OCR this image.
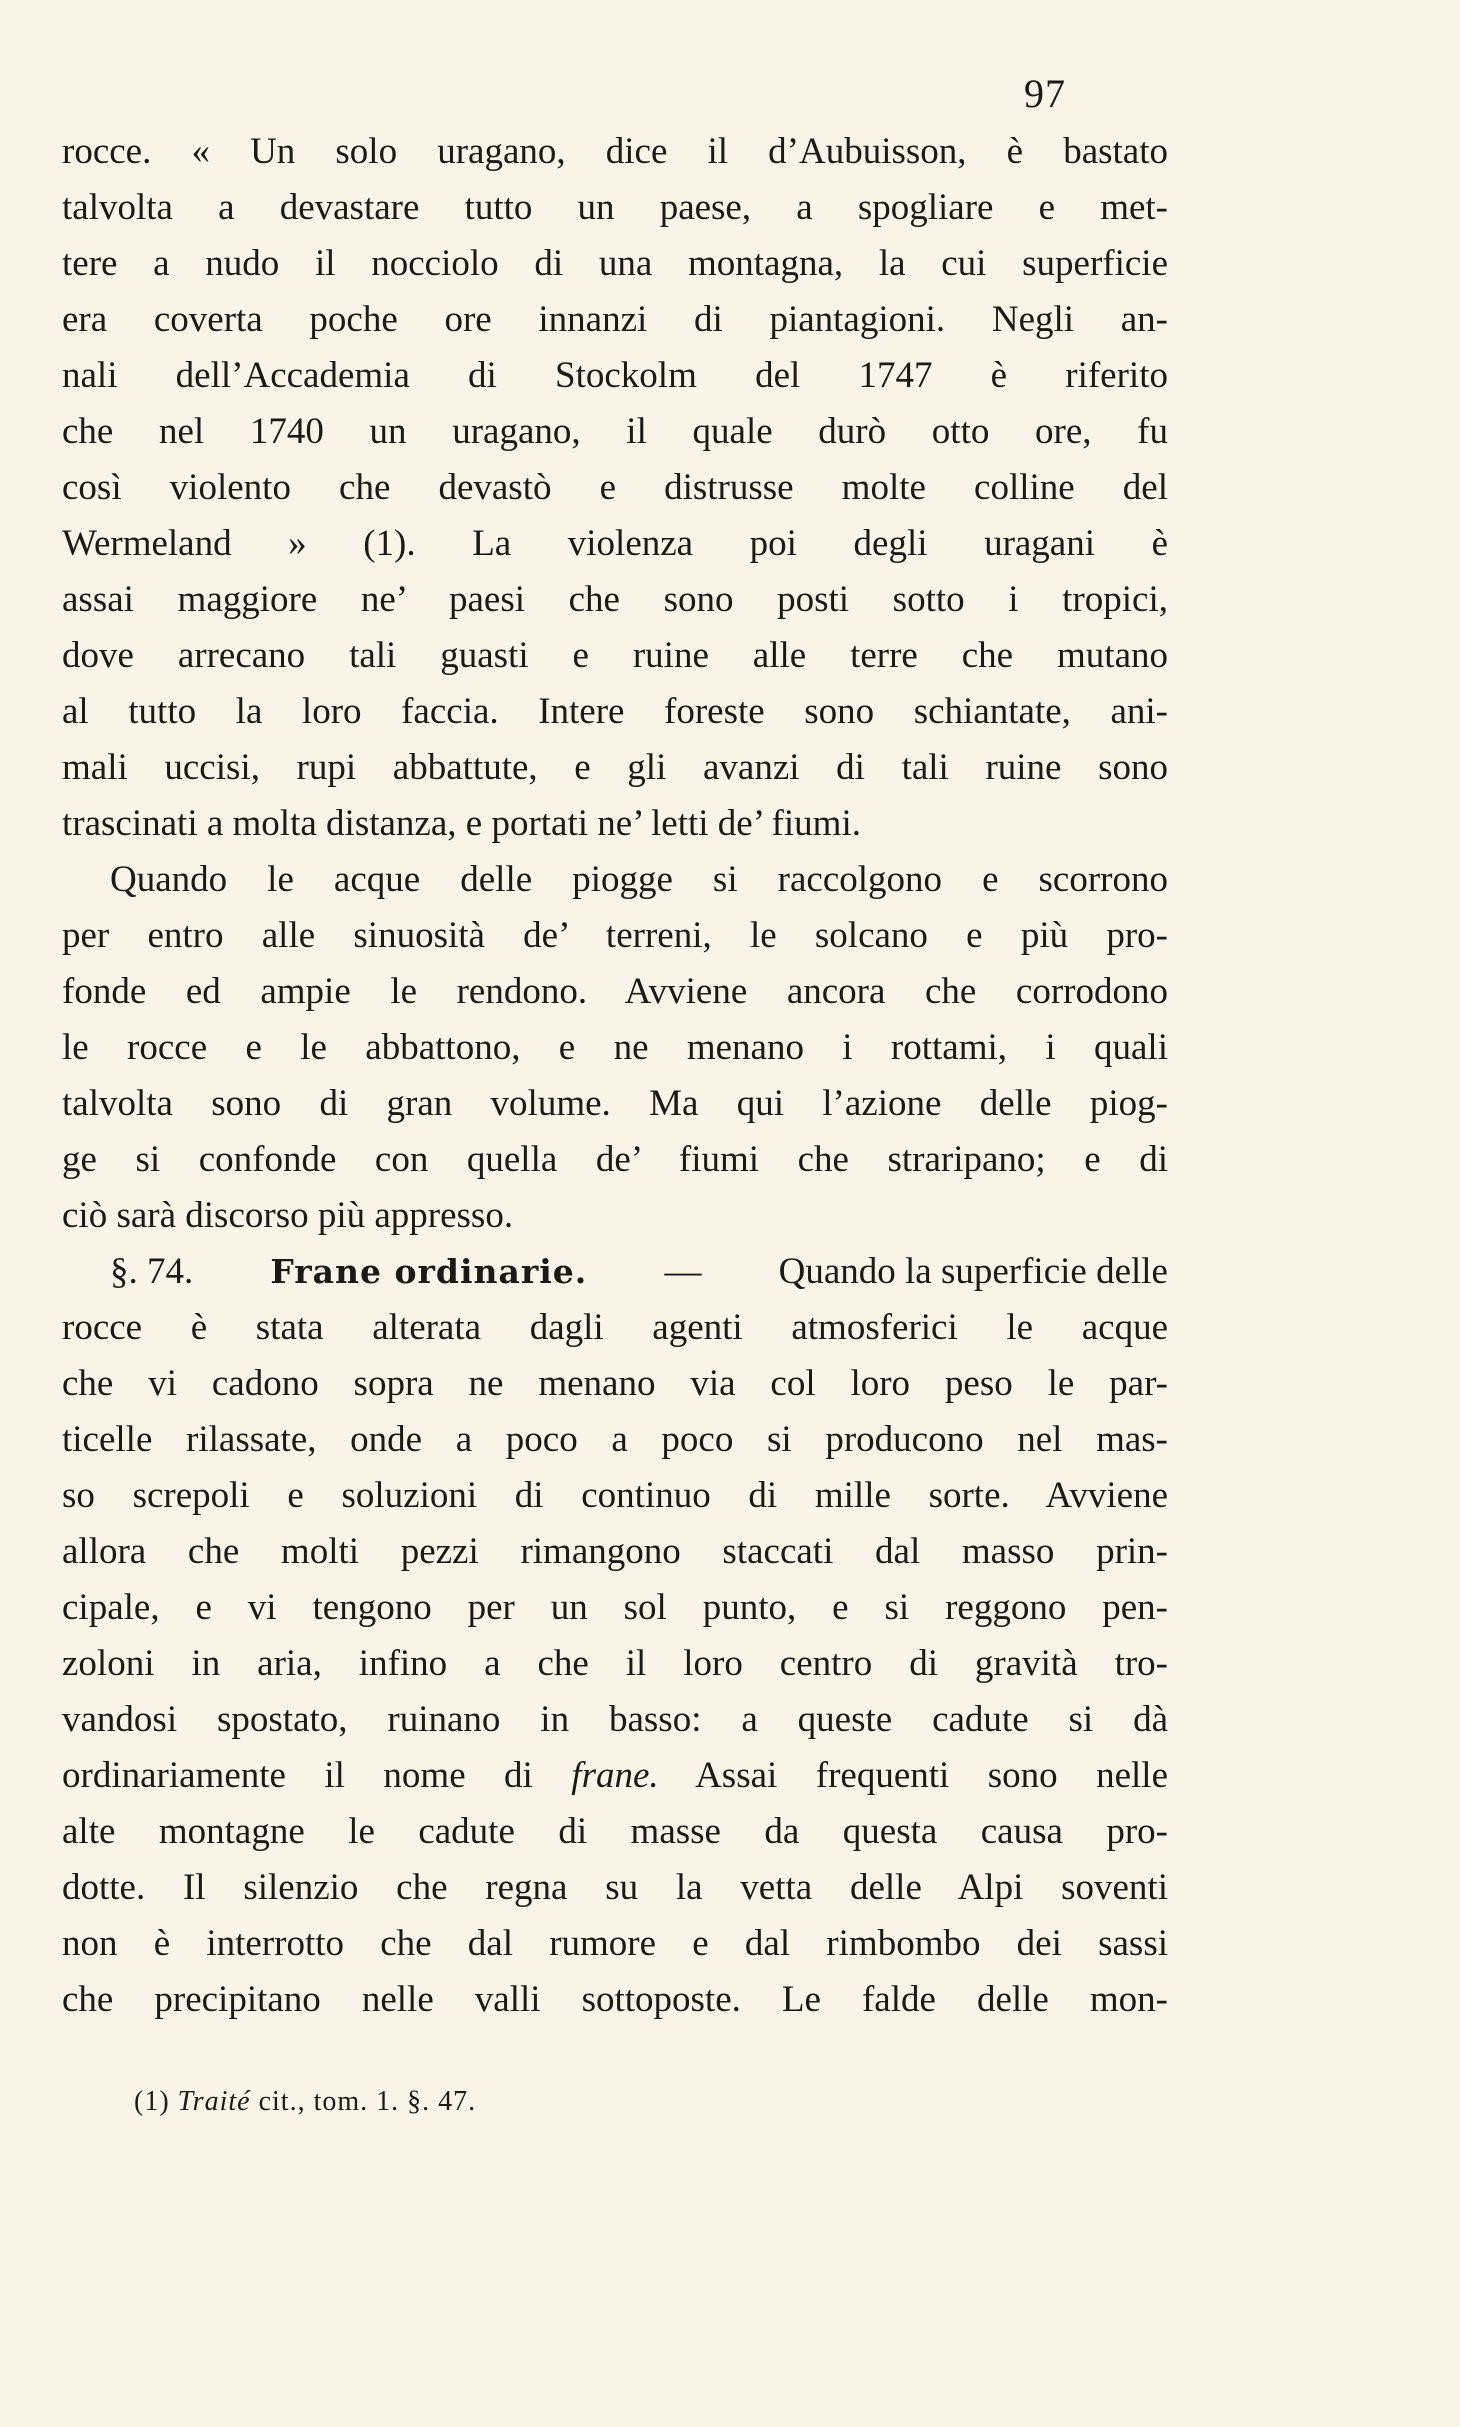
97
rocce. « Un solo uragano, dice il d’Aubuisson, è bastato
talvolta a devastare tutto un paese, a spogliare e met-
tere a nudo il nocciolo di una montagna, la cui superficie
era coverta poche ore innanzi di piantagioni. Negli an-
nali dell’Accademia di Stockolm del 1747 è riferito
che nel 1740 un uragano, il quale durò otto ore, fu
così violento che devastò e distrusse molte colline del
Wermeland » (1). La violenza poi degli uragani è
assai maggiore ne’ paesi che sono posti sotto i tropici,
dove arrecano tali guasti e ruine alle terre che mutano
al tutto la loro faccia. Intere foreste sono schiantate, ani-
mali uccisi, rupi abbattute, e gli avanzi di tali ruine sono
trascinati a molta distanza, e portati ne’ letti de’ fiumi.
Quando le acque delle piogge si raccolgono e scorrono
per entro alle sinuosità de’ terreni, le solcano e più pro-
fonde ed ampie le rendono. Avviene ancora che corrodono
le rocce e le abbattono, e ne menano i rottami, i quali
talvolta sono di gran volume. Ma qui l’azione delle piog-
ge si confonde con quella de’ fiumi che straripano; e di
ciò sarà discorso più appresso.
§. 74. Frane ordinarie. — Quando la superficie delle
rocce è stata alterata dagli agenti atmosferici le acque
che vi cadono sopra ne menano via col loro peso le par-
ticelle rilassate, onde a poco a poco si producono nel mas-
so screpoli e soluzioni di continuo di mille sorte. Avviene
allora che molti pezzi rimangono staccati dal masso prin-
cipale, e vi tengono per un sol punto, e si reggono pen-
zoloni in aria, infino a che il loro centro di gravità tro-
vandosi spostato, ruinano in basso: a queste cadute si dà
ordinariamente il nome di frane. Assai frequenti sono nelle
alte montagne le cadute di masse da questa causa pro-
dotte. Il silenzio che regna su la vetta delle Alpi soventi
non è interrotto che dal rumore e dal rimbombo dei sassi
che precipitano nelle valli sottoposte. Le falde delle mon-
(1) Traité cit., tom. 1. §. 47.
